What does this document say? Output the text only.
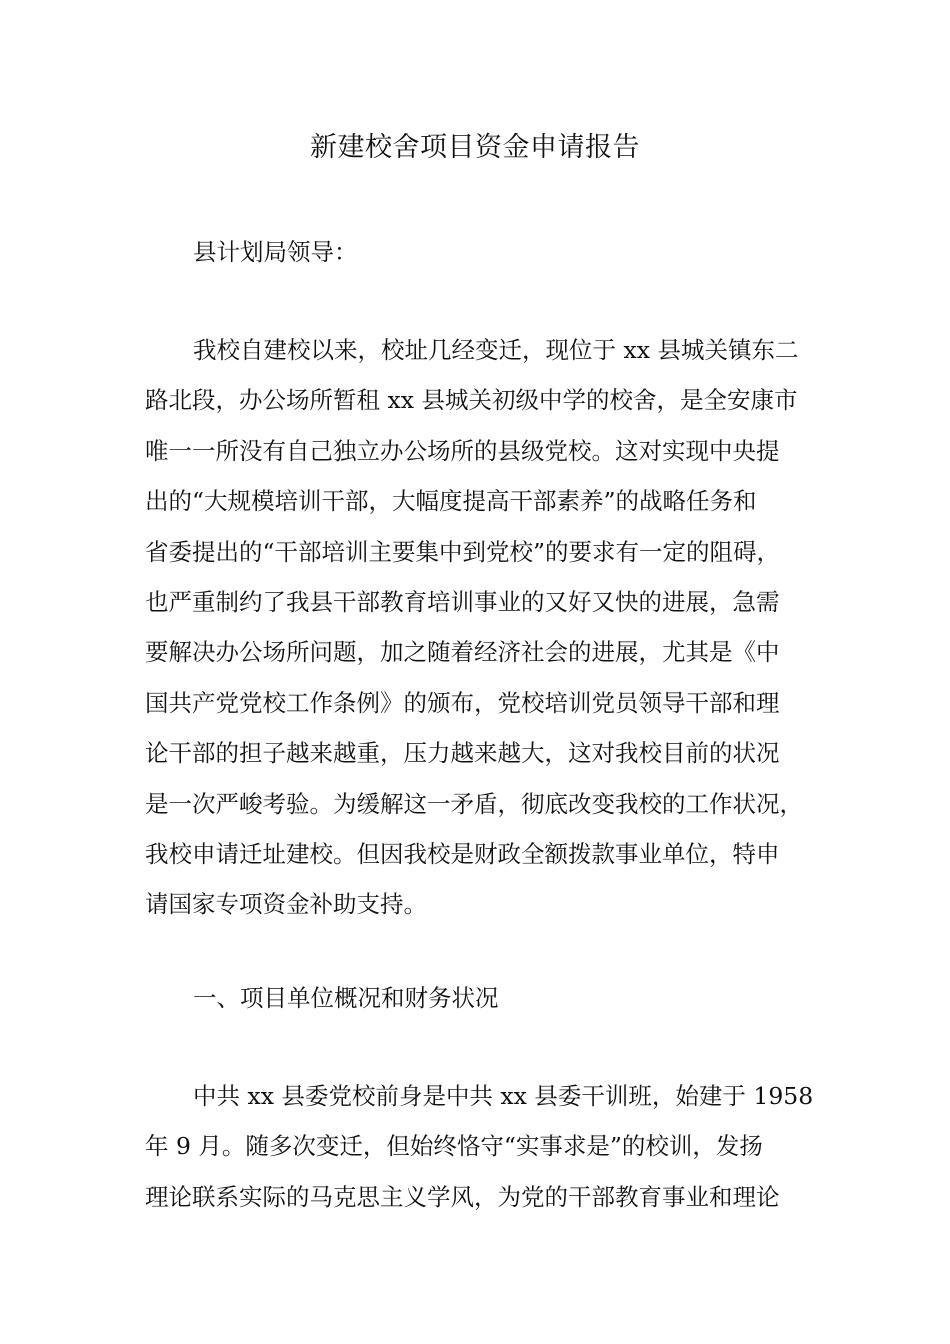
新建校舍项目资金申请报告

县计划局领导：

我校自建校以来，校址几经变迁，现位于 xx 县城关镇东二
路北段，办公场所暂租 xx 县城关初级中学的校舍，是全安康市
唯一一所没有自己独立办公场所的县级党校。这对实现中央提
出的“大规模培训干部，大幅度提高干部素养”的战略任务和
省委提出的“干部培训主要集中到党校”的要求有一定的阻碍，
也严重制约了我县干部教育培训事业的又好又快的进展，急需
要解决办公场所问题，加之随着经济社会的进展，尤其是《中
国共产党党校工作条例》的颁布，党校培训党员领导干部和理
论干部的担子越来越重，压力越来越大，这对我校目前的状况
是一次严峻考验。为缓解这一矛盾，彻底改变我校的工作状况，
我校申请迁址建校。但因我校是财政全额拨款事业单位，特申
请国家专项资金补助支持。

一、项目单位概况和财务状况

中共 xx 县委党校前身是中共 xx 县委干训班，始建于 1958
年 9 月。随多次变迁，但始终恪守“实事求是”的校训，发扬
理论联系实际的马克思主义学风，为党的干部教育事业和理论
